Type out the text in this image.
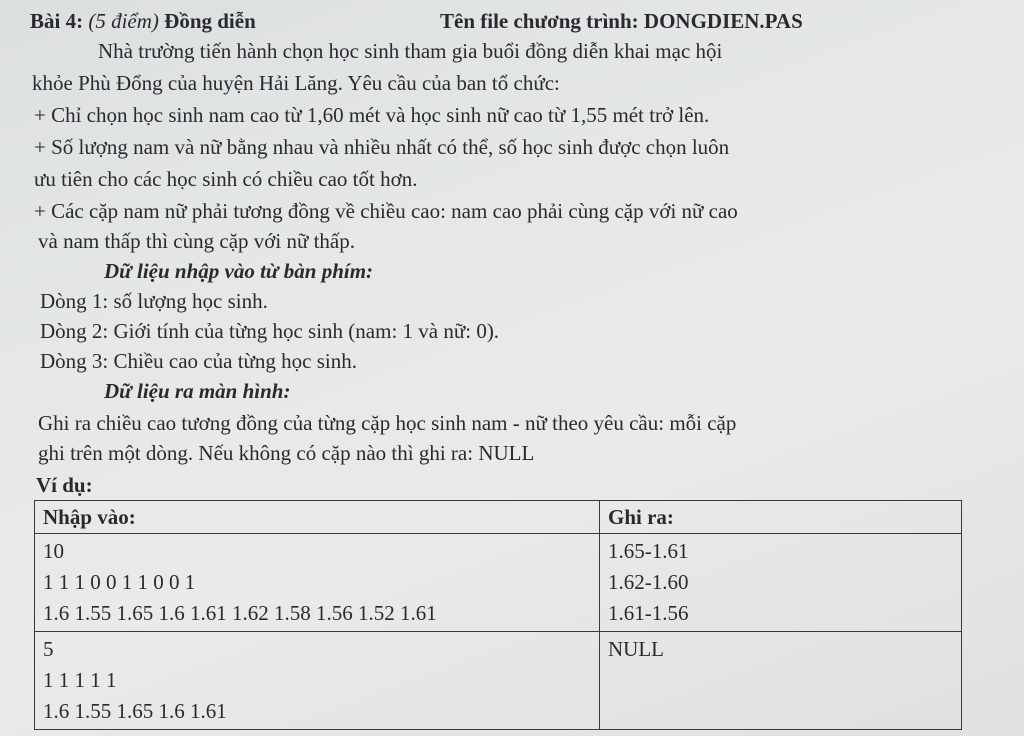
Bài 4: (5 điểm) Đồng diễn	Tên file chương trình: DONGDIEN.PAS
Nhà trường tiến hành chọn học sinh tham gia buổi đồng diễn khai mạc hội
khỏe Phù Đổng của huyện Hải Lăng. Yêu cầu của ban tổ chức:
+ Chỉ chọn học sinh nam cao từ 1,60 mét và học sinh nữ cao từ 1,55 mét trở lên.
+ Số lượng nam và nữ bằng nhau và nhiều nhất có thể, số học sinh được chọn luôn
ưu tiên cho các học sinh có chiều cao tốt hơn.
+ Các cặp nam nữ phải tương đồng về chiều cao: nam cao phải cùng cặp với nữ cao
và nam thấp thì cùng cặp với nữ thấp.
Dữ liệu nhập vào từ bàn phím:
Dòng 1: số lượng học sinh.
Dòng 2: Giới tính của từng học sinh (nam: 1 và nữ: 0).
Dòng 3: Chiều cao của từng học sinh.
Dữ liệu ra màn hình:
Ghi ra chiều cao tương đồng của từng cặp học sinh nam - nữ theo yêu cầu: mỗi cặp
ghi trên một dòng. Nếu không có cặp nào thì ghi ra: NULL
Ví dụ:
Nhập vào:	Ghi ra:

10
1 1 1 0 0 1 1 0 0 1
1.6 1.55 1.65 1.6 1.61 1.62 1.58 1.56 1.52 1.61	1.65-1.61
1.62-1.60
1.61-1.56

5
1 1 1 1 1
1.6 1.55 1.65 1.6 1.61	NULL
